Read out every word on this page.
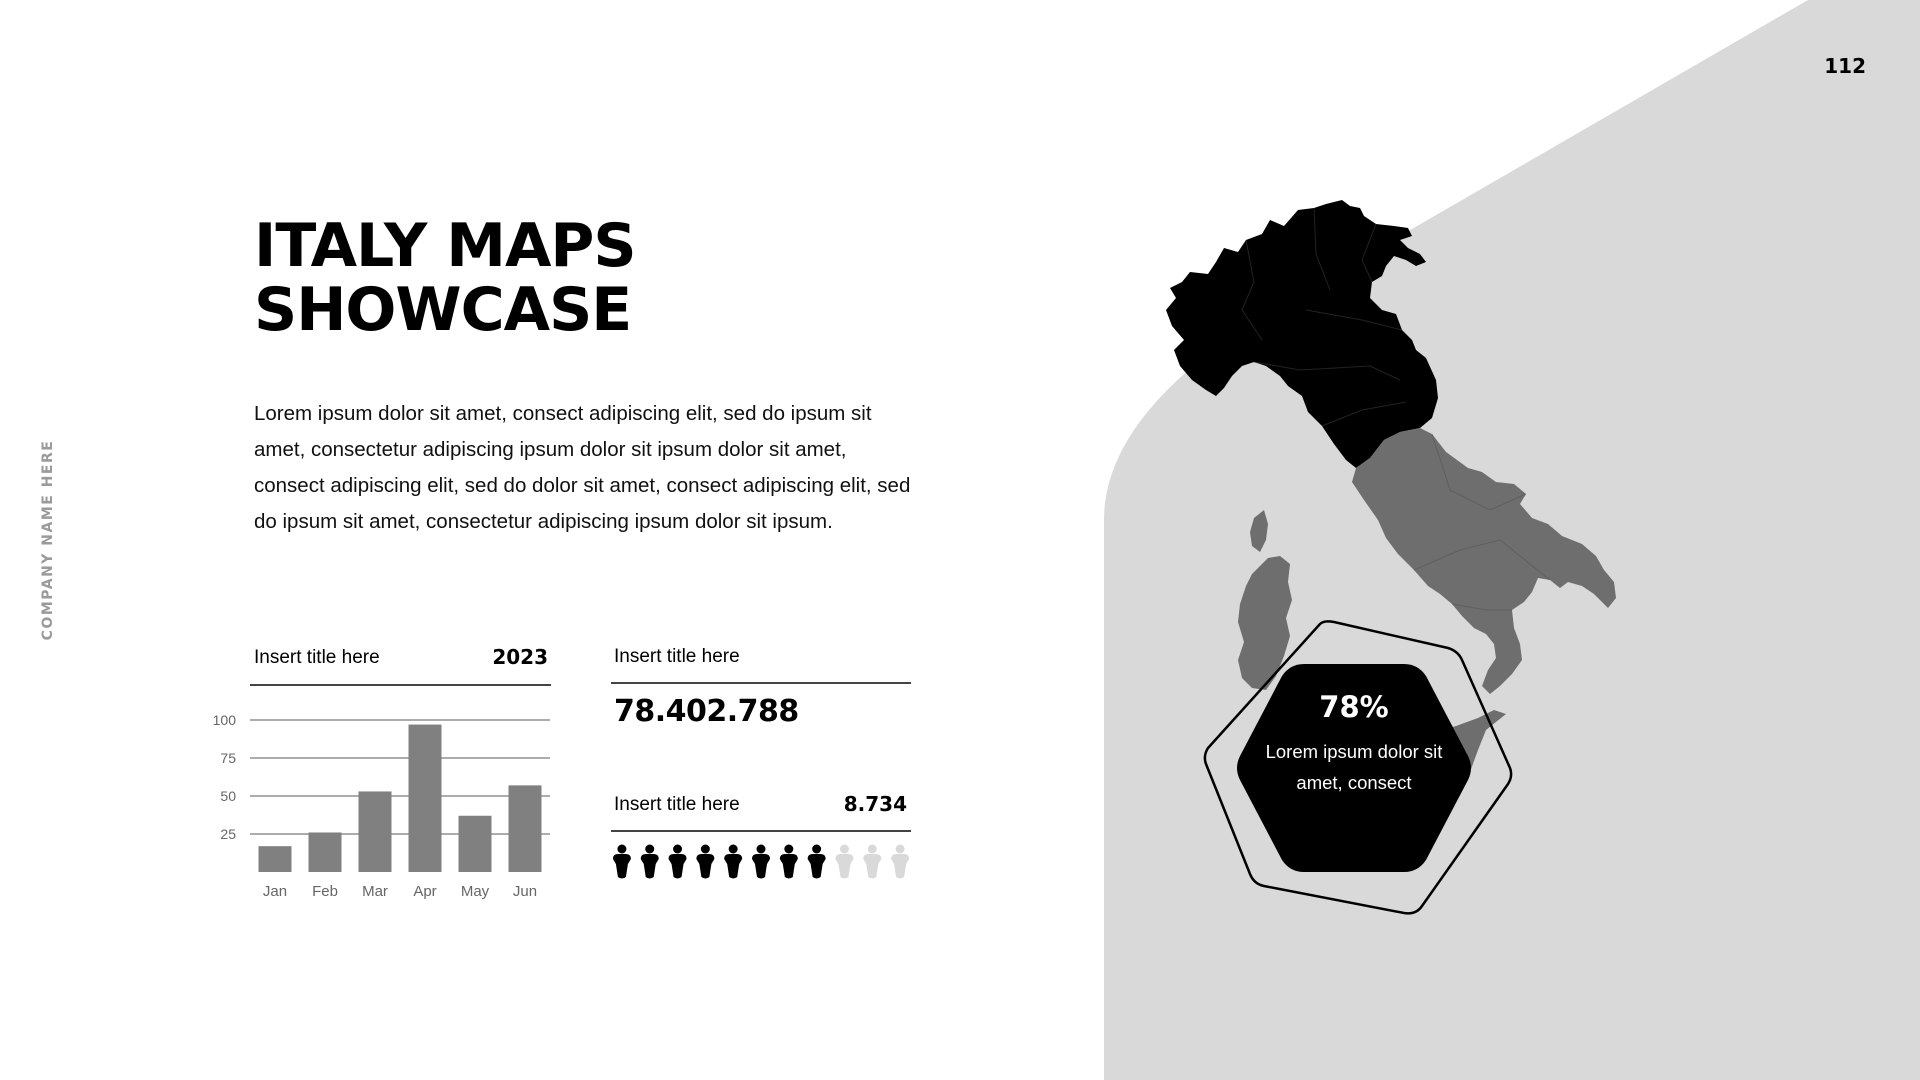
112
COMPANY NAME HERE
ITALY MAPS
SHOWCASE
Lorem ipsum dolor sit amet, consect adipiscing elit, sed do ipsum sit amet, consectetur adipiscing ipsum dolor sit ipsum dolor sit amet, consect adipiscing elit, sed do dolor sit amet, consect adipiscing elit, sed do ipsum sit amet, consectetur adipiscing ipsum dolor sit ipsum.
Insert title here	2023
25
50
75
100
Jan Feb Mar Apr May Jun
Insert title here
78.402.788
Insert title here	8.734
78%
Lorem ipsum dolor sit amet, consect
